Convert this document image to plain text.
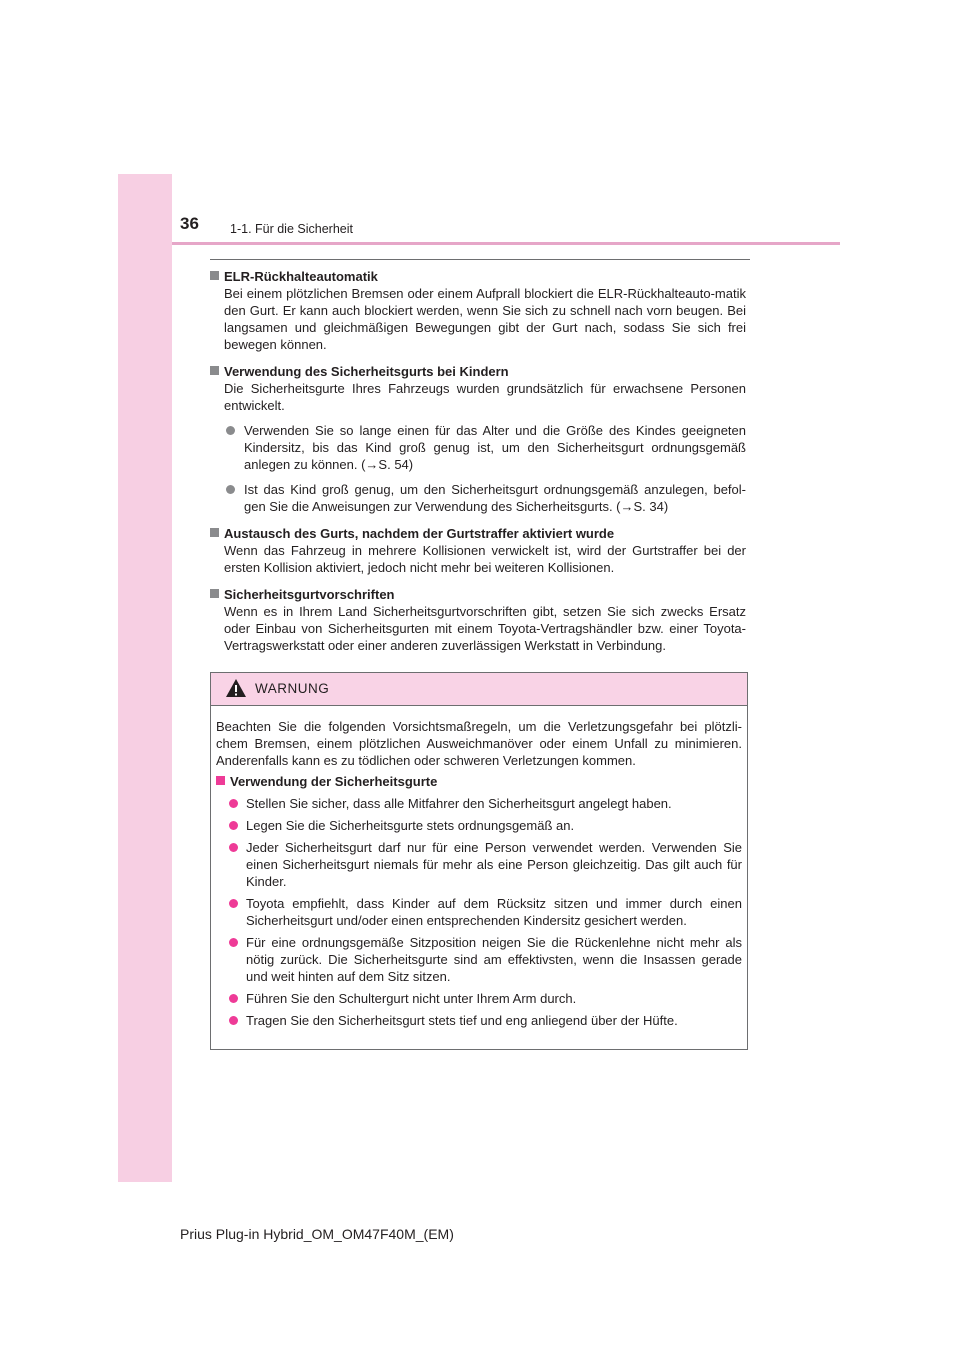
36 1-1. Für die Sicherheit
ELR-Rückhalteautomatik
Bei einem plötzlichen Bremsen oder einem Aufprall blockiert die ELR-Rückhalteauto-matik den Gurt. Er kann auch blockiert werden, wenn Sie sich zu schnell nach vorn beugen. Bei langsamen und gleichmäßigen Bewegungen gibt der Gurt nach, sodass Sie sich frei bewegen können.
Verwendung des Sicherheitsgurts bei Kindern
Die Sicherheitsgurte Ihres Fahrzeugs wurden grundsätzlich für erwachsene Personen entwickelt.
Verwenden Sie so lange einen für das Alter und die Größe des Kindes geeigneten Kindersitz, bis das Kind groß genug ist, um den Sicherheitsgurt ordnungsgemäß anlegen zu können. (→S. 54)
Ist das Kind groß genug, um den Sicherheitsgurt ordnungsgemäß anzulegen, befol-gen Sie die Anweisungen zur Verwendung des Sicherheitsgurts. (→S. 34)
Austausch des Gurts, nachdem der Gurtstraffer aktiviert wurde
Wenn das Fahrzeug in mehrere Kollisionen verwickelt ist, wird der Gurtstraffer bei der ersten Kollision aktiviert, jedoch nicht mehr bei weiteren Kollisionen.
Sicherheitsgurtvorschriften
Wenn es in Ihrem Land Sicherheitsgurtvorschriften gibt, setzen Sie sich zwecks Ersatz oder Einbau von Sicherheitsgurten mit einem Toyota-Vertragshändler bzw. einer Toyota-Vertragswerkstatt oder einer anderen zuverlässigen Werkstatt in Verbindung.
WARNUNG
Beachten Sie die folgenden Vorsichtsmaßregeln, um die Verletzungsgefahr bei plötzli-chem Bremsen, einem plötzlichen Ausweichmanöver oder einem Unfall zu minimieren. Anderenfalls kann es zu tödlichen oder schweren Verletzungen kommen.
Verwendung der Sicherheitsgurte
Stellen Sie sicher, dass alle Mitfahrer den Sicherheitsgurt angelegt haben.
Legen Sie die Sicherheitsgurte stets ordnungsgemäß an.
Jeder Sicherheitsgurt darf nur für eine Person verwendet werden. Verwenden Sie einen Sicherheitsgurt niemals für mehr als eine Person gleichzeitig. Das gilt auch für Kinder.
Toyota empfiehlt, dass Kinder auf dem Rücksitz sitzen und immer durch einen Sicherheitsgurt und/oder einen entsprechenden Kindersitz gesichert werden.
Für eine ordnungsgemäße Sitzposition neigen Sie die Rückenlehne nicht mehr als nötig zurück. Die Sicherheitsgurte sind am effektivsten, wenn die Insassen gerade und weit hinten auf dem Sitz sitzen.
Führen Sie den Schultergurt nicht unter Ihrem Arm durch.
Tragen Sie den Sicherheitsgurt stets tief und eng anliegend über der Hüfte.
Prius Plug-in Hybrid_OM_OM47F40M_(EM)
